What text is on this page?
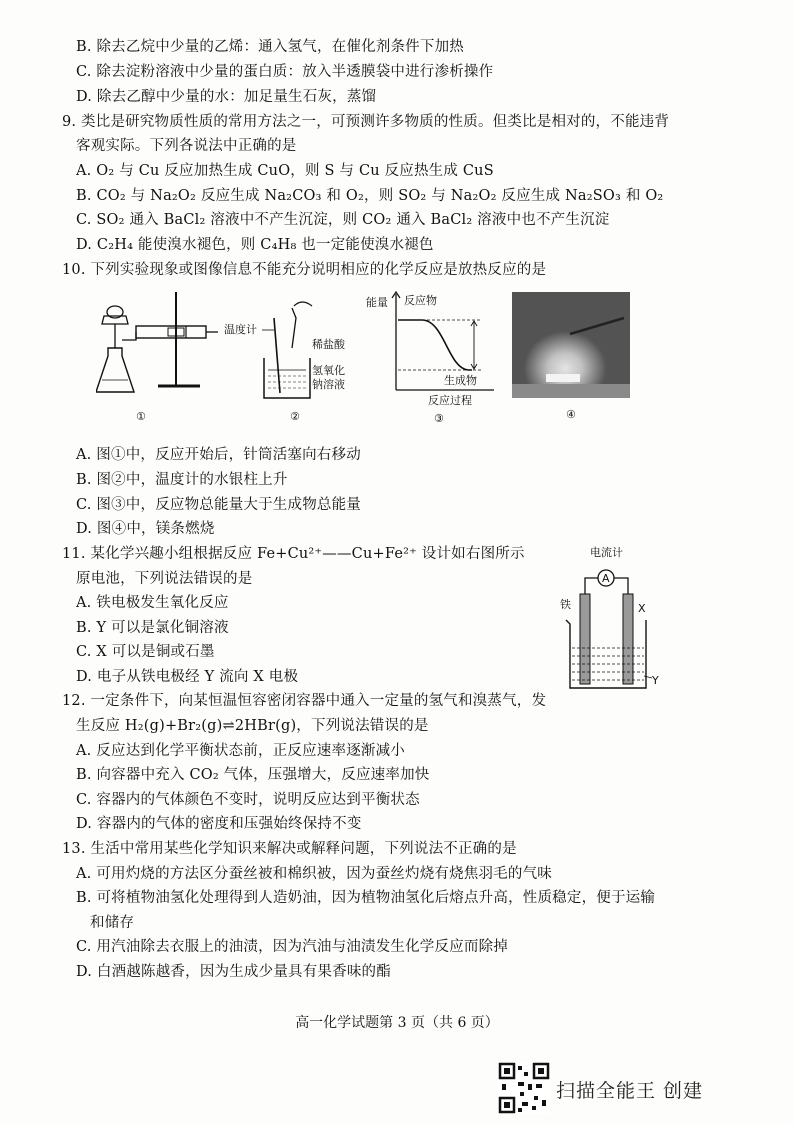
B. 除去乙烷中少量的乙烯：通入氢气，在催化剂条件下加热
C. 除去淀粉溶液中少量的蛋白质：放入半透膜袋中进行渗析操作
D. 除去乙醇中少量的水：加足量生石灰，蒸馏
9. 类比是研究物质性质的常用方法之一，可预测许多物质的性质。但类比是相对的，不能违背
客观实际。下列各说法中正确的是
A. O₂ 与 Cu 反应加热生成 CuO，则 S 与 Cu 反应热生成 CuS
B. CO₂ 与 Na₂O₂ 反应生成 Na₂CO₃ 和 O₂，则 SO₂ 与 Na₂O₂ 反应生成 Na₂SO₃ 和 O₂
C. SO₂ 通入 BaCl₂ 溶液中不产生沉淀，则 CO₂ 通入 BaCl₂ 溶液中也不产生沉淀
D. C₂H₄ 能使溴水褪色，则 C₄H₈ 也一定能使溴水褪色
10. 下列实验现象或图像信息不能充分说明相应的化学反应是放热反应的是
①
温度计
稀盐酸
氢氧化
钠溶液
②
能量 反应物
生成物
反应过程
③	④
A. 图①中，反应开始后，针筒活塞向右移动
B. 图②中，温度计的水银柱上升
C. 图③中，反应物总能量大于生成物总能量
D. 图④中，镁条燃烧
11. 某化学兴趣小组根据反应 Fe+Cu²⁺——Cu+Fe²⁺ 设计如右图所示
原电池，下列说法错误的是
A. 铁电极发生氧化反应
B. Y 可以是氯化铜溶液
C. X 可以是铜或石墨
D. 电子从铁电极经 Y 流向 X 电极
电流计
A
铁	X
Y
12. 一定条件下，向某恒温恒容密闭容器中通入一定量的氢气和溴蒸气，发
生反应 H₂(g)+Br₂(g)⇌2HBr(g)，下列说法错误的是
A. 反应达到化学平衡状态前，正反应速率逐渐减小
B. 向容器中充入 CO₂ 气体，压强增大，反应速率加快
C. 容器内的气体颜色不变时，说明反应达到平衡状态
D. 容器内的气体的密度和压强始终保持不变
13. 生活中常用某些化学知识来解决或解释问题，下列说法不正确的是
A. 可用灼烧的方法区分蚕丝被和棉织被，因为蚕丝灼烧有烧焦羽毛的气味
B. 可将植物油氢化处理得到人造奶油，因为植物油氢化后熔点升高，性质稳定，便于运输
和储存
C. 用汽油除去衣服上的油渍，因为汽油与油渍发生化学反应而除掉
D. 白酒越陈越香，因为生成少量具有果香味的酯
高一化学试题第 3 页（共 6 页）
扫描全能王 创建
